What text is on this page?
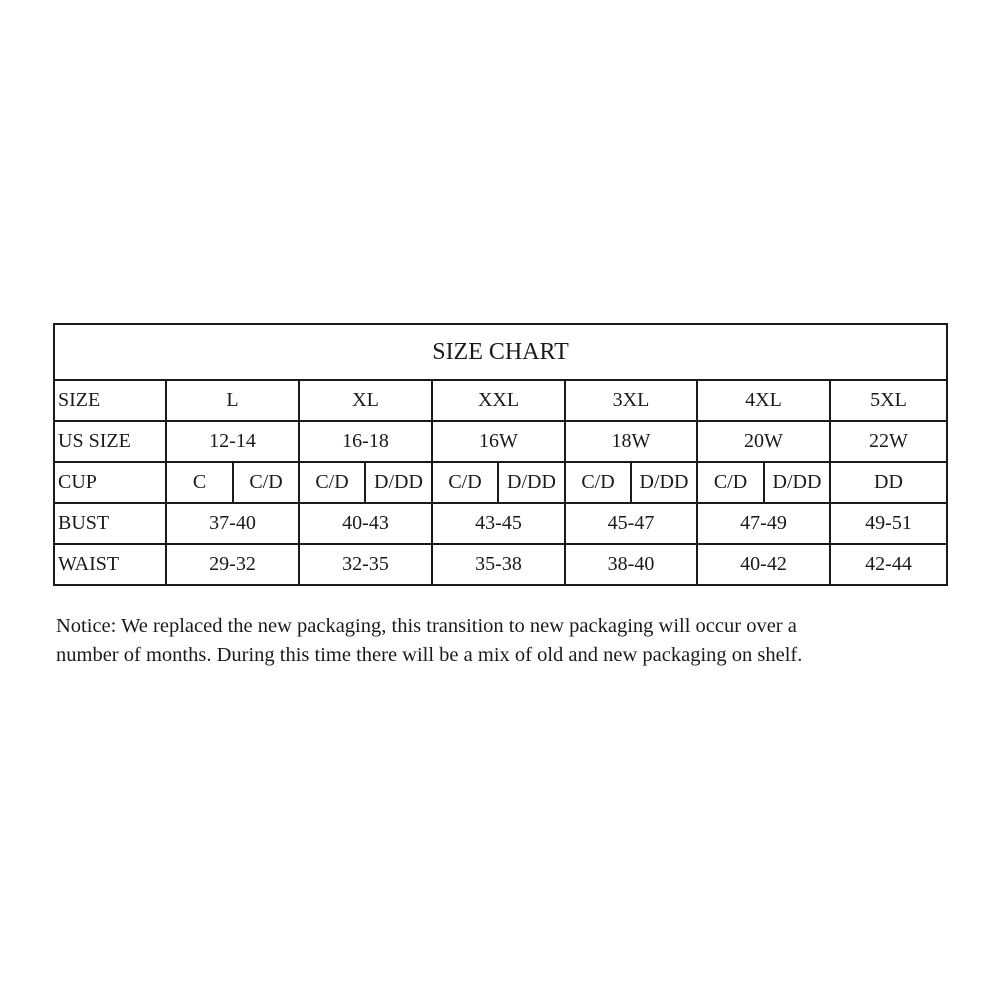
SIZE CHART											
SIZE	L		XL		XXL		3XL		4XL		5XL
US SIZE	12-14		16-18		16W		18W		20W		22W
CUP	C	C/D	C/D	D/DD	C/D	D/DD	C/D	D/DD	C/D	D/DD	DD
BUST	37-40		40-43		43-45		45-47		47-49		49-51
WAIST	29-32		32-35		35-38		38-40		40-42		42-44

Notice: We replaced the new packaging, this transition to new packaging will occur over a
number of months. During this time there will be a mix of old and new packaging on shelf.
